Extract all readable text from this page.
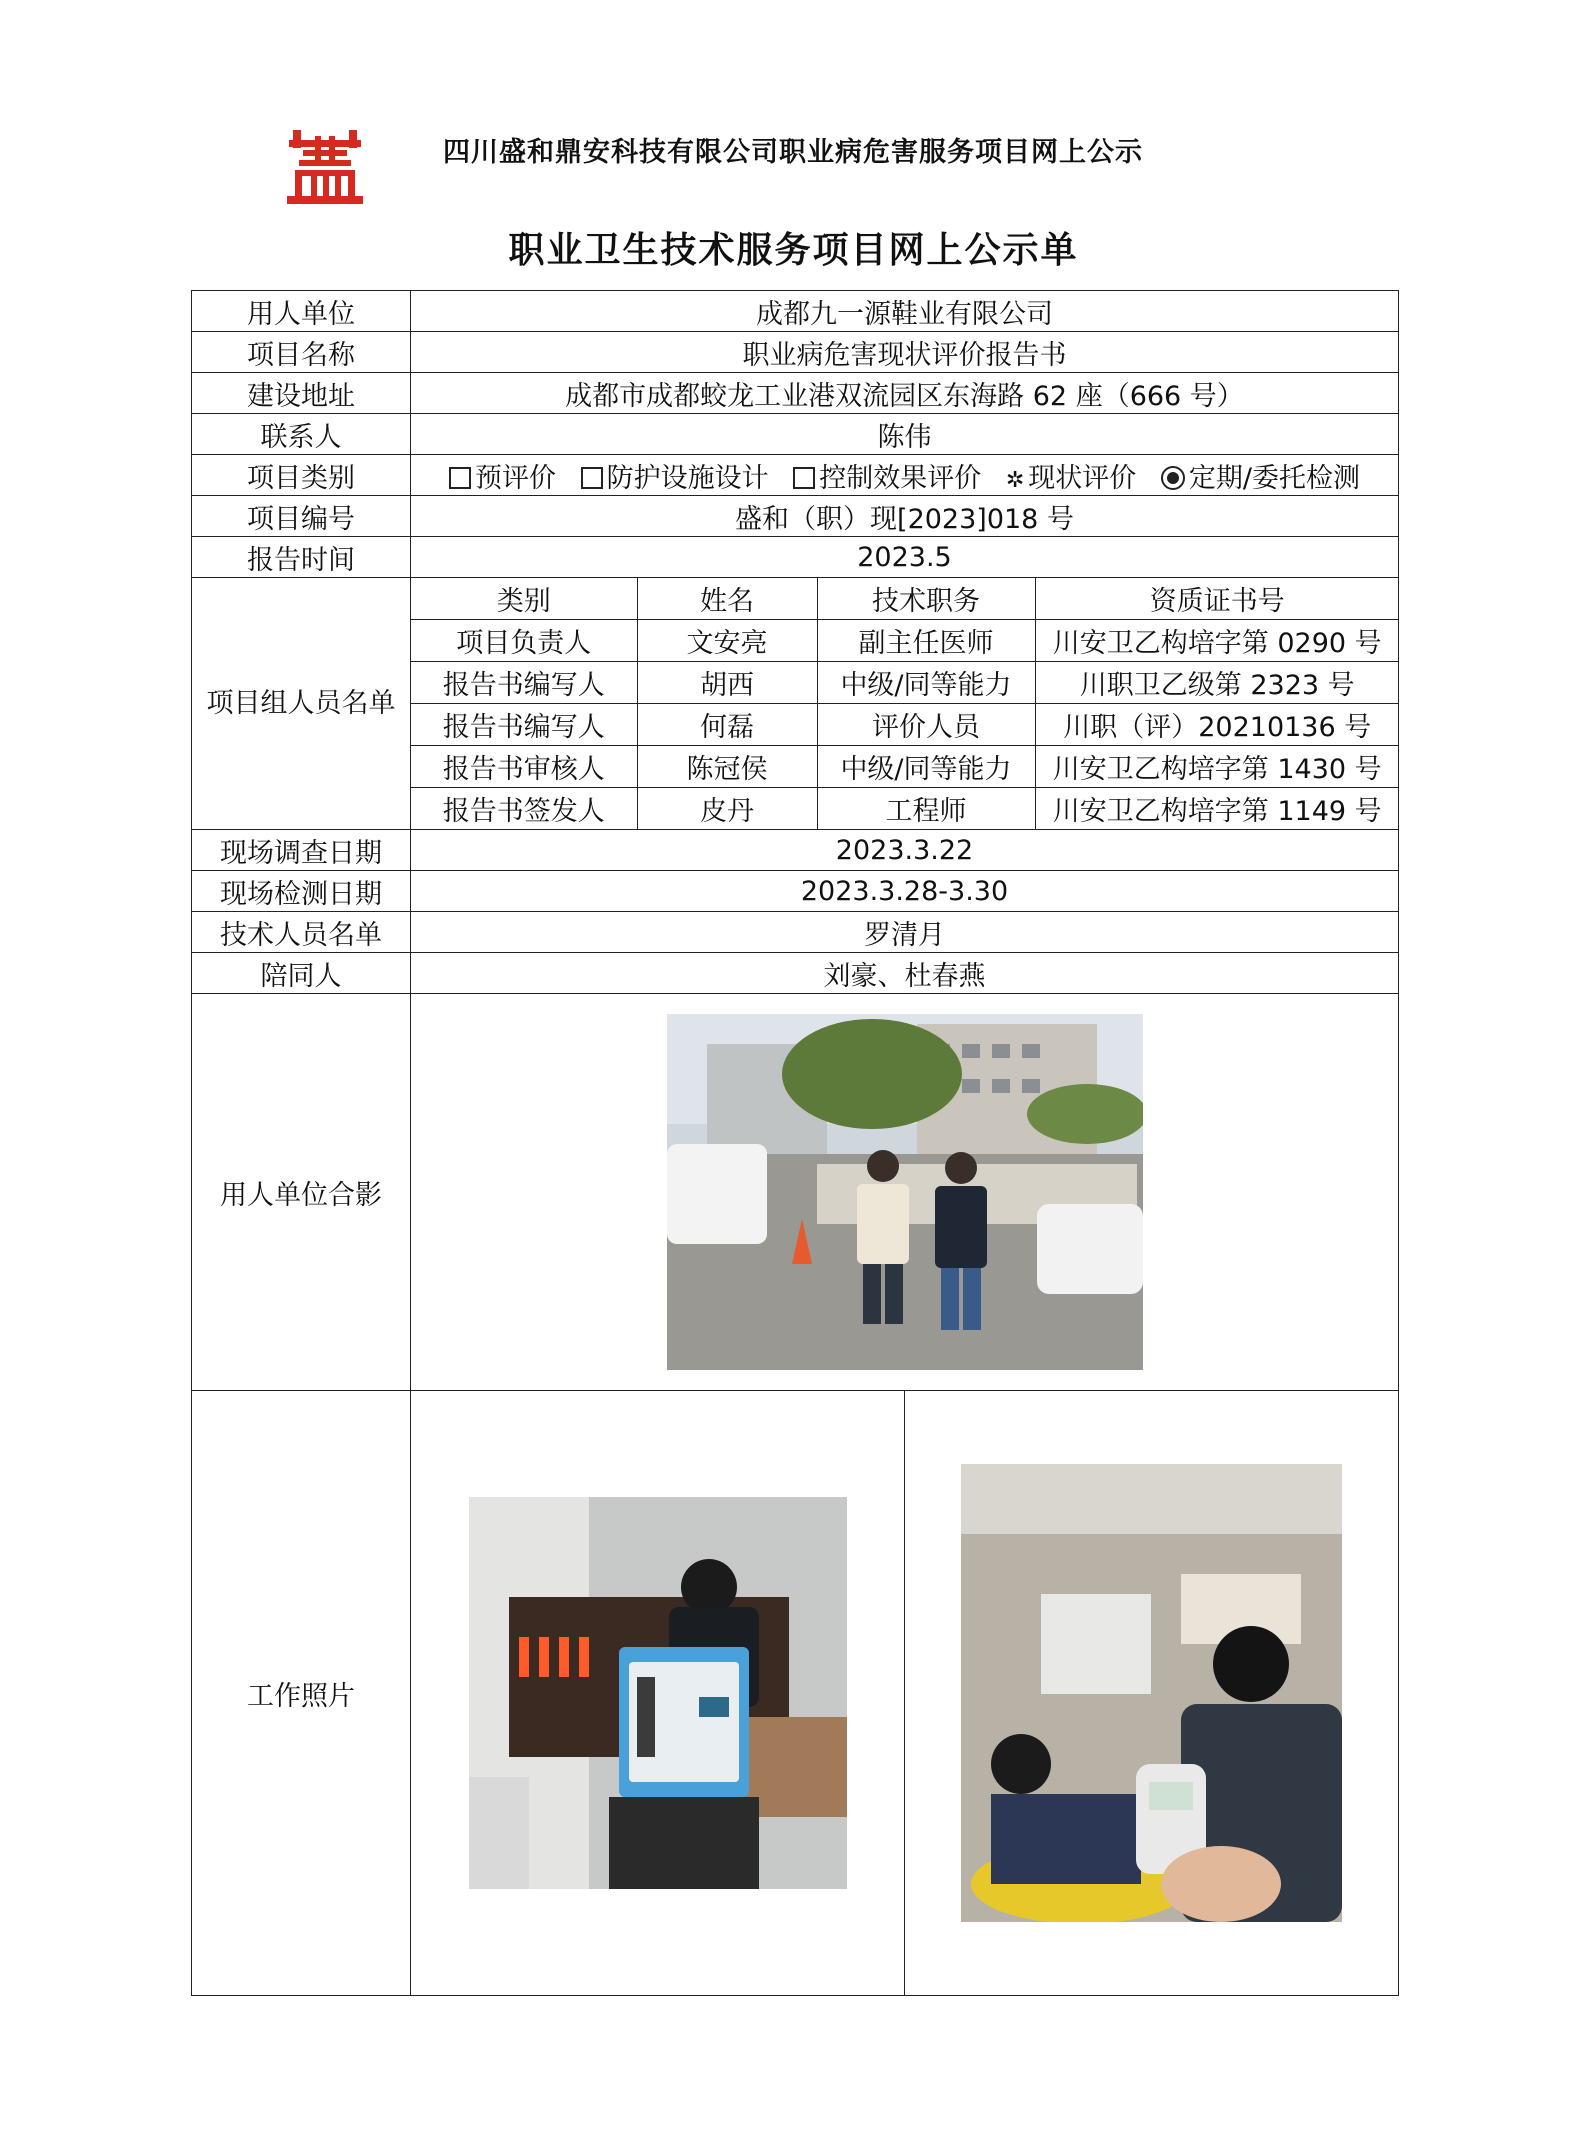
四川盛和鼎安科技有限公司职业病危害服务项目网上公示
职业卫生技术服务项目网上公示单
用人单位	成都九一源鞋业有限公司
项目名称	职业病危害现状评价报告书
建设地址	成都市成都蛟龙工业港双流园区东海路 62 座（666 号）
联系人	陈伟
项目类别	预评价 防护设施设计 控制效果评价 ✲ 现状评价 定期/委托检测
项目编号	盛和（职）现[2023]018 号
报告时间	2023.5
项目组人员名单	
类别	姓名	技术职务	资质证书号
项目负责人	文安亮	副主任医师	川安卫乙构培字第 0290 号
报告书编写人	胡西	中级/同等能力	川职卫乙级第 2323 号
报告书编写人	何磊	评价人员	川职（评）20210136 号
报告书审核人	陈冠侯	中级/同等能力	川安卫乙构培字第 1430 号
报告书签发人	皮丹	工程师	川安卫乙构培字第 1149 号

现场调查日期	2023.3.22
现场检测日期	2023.3.28-3.30
技术人员名单	罗清月
陪同人	刘豪、杜春燕
用人单位合影	

工作照片	
